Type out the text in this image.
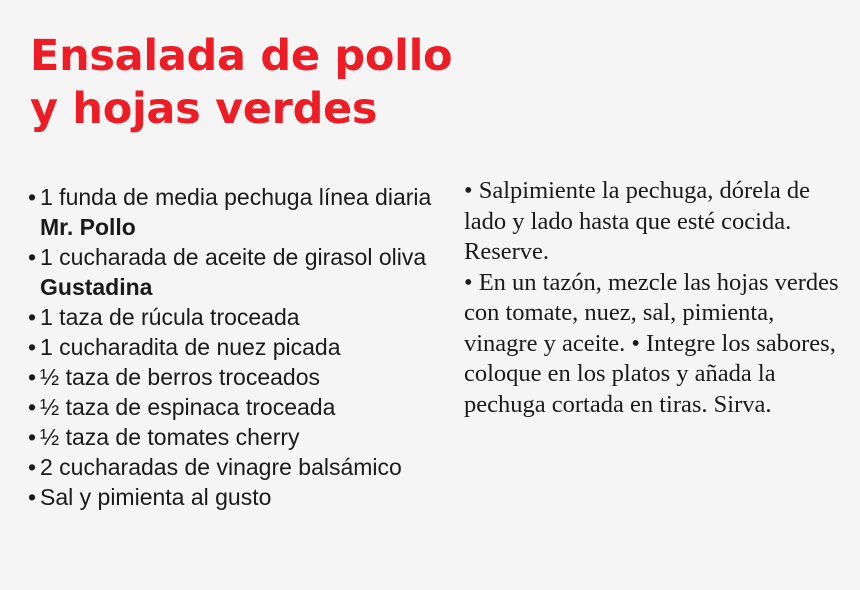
Ensalada de pollo
y hojas verdes
• 1 funda de media pechuga línea diaria Mr. Pollo
• 1 cucharada de aceite de girasol oliva Gustadina
• 1 taza de rúcula troceada
• 1 cucharadita de nuez picada
• ½ taza de berros troceados
• ½ taza de espinaca troceada
• ½ taza de tomates cherry
• 2 cucharadas de vinagre balsámico
• Sal y pimienta al gusto

• Salpimiente la pechuga, dórela de lado y lado hasta que esté cocida. Reserve.

• En un tazón, mezcle las hojas verdes con tomate, nuez, sal, pimienta, vinagre y aceite. • Integre los sabores, coloque en los platos y añada la pechuga cortada en tiras. Sirva.
